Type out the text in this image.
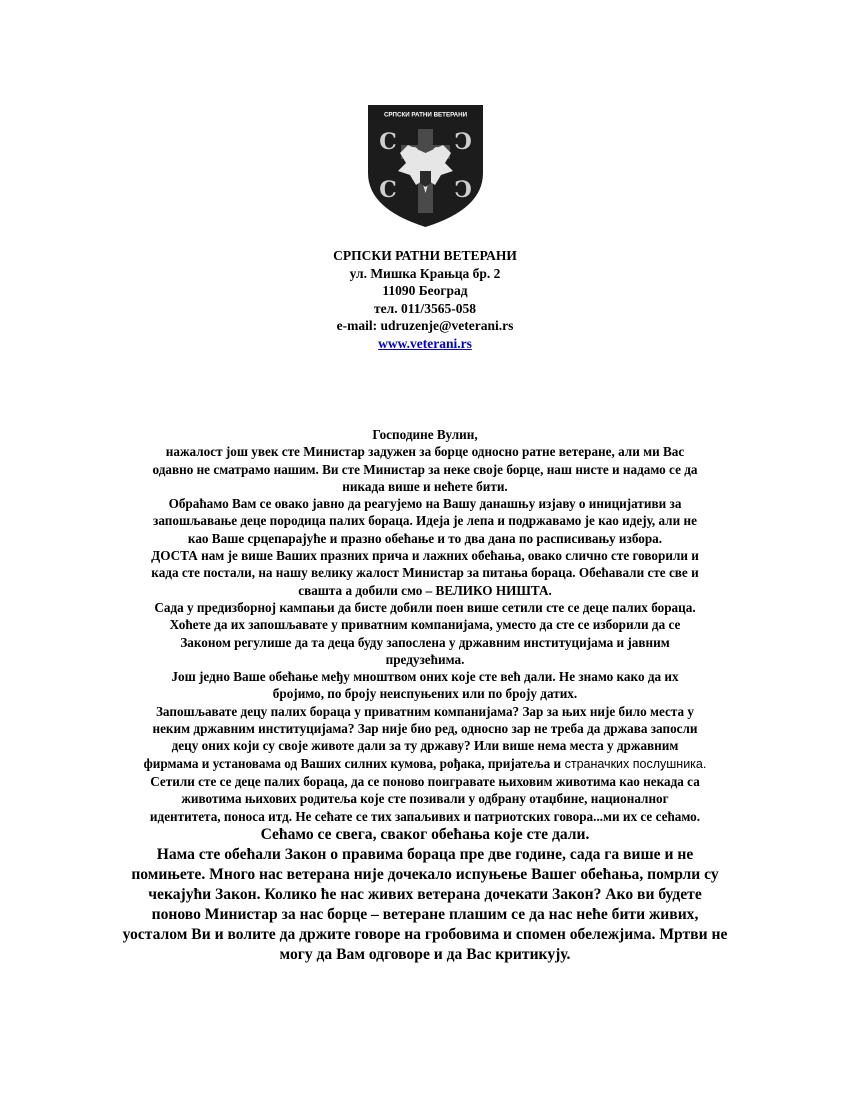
СРПСКИ РАТНИ ВЕТЕРАНИ
С	С
С	С
СРПСКИ РАТНИ ВЕТЕРАНИ
ул. Мишка Крањца бр. 2
11090 Београд
тел. 011/3565-058
e-mail: udruzenje@veterani.rs
www.veterani.rs
Господине Вулин,
нажалост још увек сте Министар задужен за борце односно ратне ветеране, али ми Вас
одавно не сматрамо нашим. Ви сте Министар за неке своје борце, наш нисте и надамо се да
никада више и нећете бити.
Обраћамо Вам се овако јавно да реагујемо на Вашу данашњу изјаву о иницијативи за
запошљавање деце породица палих бораца. Идеја је лепа и подржавамо је као идеју, али не
као Ваше срцепарајуће и празно обећање и то два дана по расписивању избора.
ДОСТА нам је више Ваших празних прича и лажних обећања, овако слично сте говорили и
када сте постали, на нашу велику жалост Министар за питања бораца. Обећавали сте све и
свашта а добили смо – ВЕЛИКО НИШТА.
Сада у предизборној кампањи да бисте добили поен више сетили сте се деце палих бораца.
Хоћете да их запошљавате у приватним компанијама, уместо да сте се изборили да се
Законом регулише да та деца буду запослена у државним институцијама и јавним
предузећима.
Још једно Ваше обећање међу мноштвом оних које сте већ дали. Не знамо како да их
бројимо, по броју неиспуњених или по броју датих.
Запошљавате децу палих бораца у приватним компанијама? Зар за њих није било места у
неким државним институцијама? Зар није био ред, односно зар не треба да држава запосли
децу оних који су своје животе дали за ту државу? Или више нема места у државним
фирмама и установама од Ваших силних кумова, рођака, пријатеља и страначких послушника.
Сетили сте се деце палих бораца, да се поново поигравате њиховим животима као некада са
животима њихових родитеља које сте позивали у одбрану отаџбине, националног
идентитета, поноса итд. Не сећате се тих запаљивих и патриотских говора...ми их се сећамо.
Сећамо се свега, сваког обећања које сте дали.
Нама сте обећали Закон о правима бораца пре две године, сада га више и не
помињете. Много нас ветерана није дочекало испуњење Вашег обећања, помрли су
чекајући Закон. Колико ће нас живих ветерана дочекати Закон? Ако ви будете
поново Министар за нас борце – ветеране плашим се да нас неће бити живих,
уосталом Ви и волите да држите говоре на гробовима и спомен обележјима. Мртви не
могу да Вам одговоре и да Вас критикују.
